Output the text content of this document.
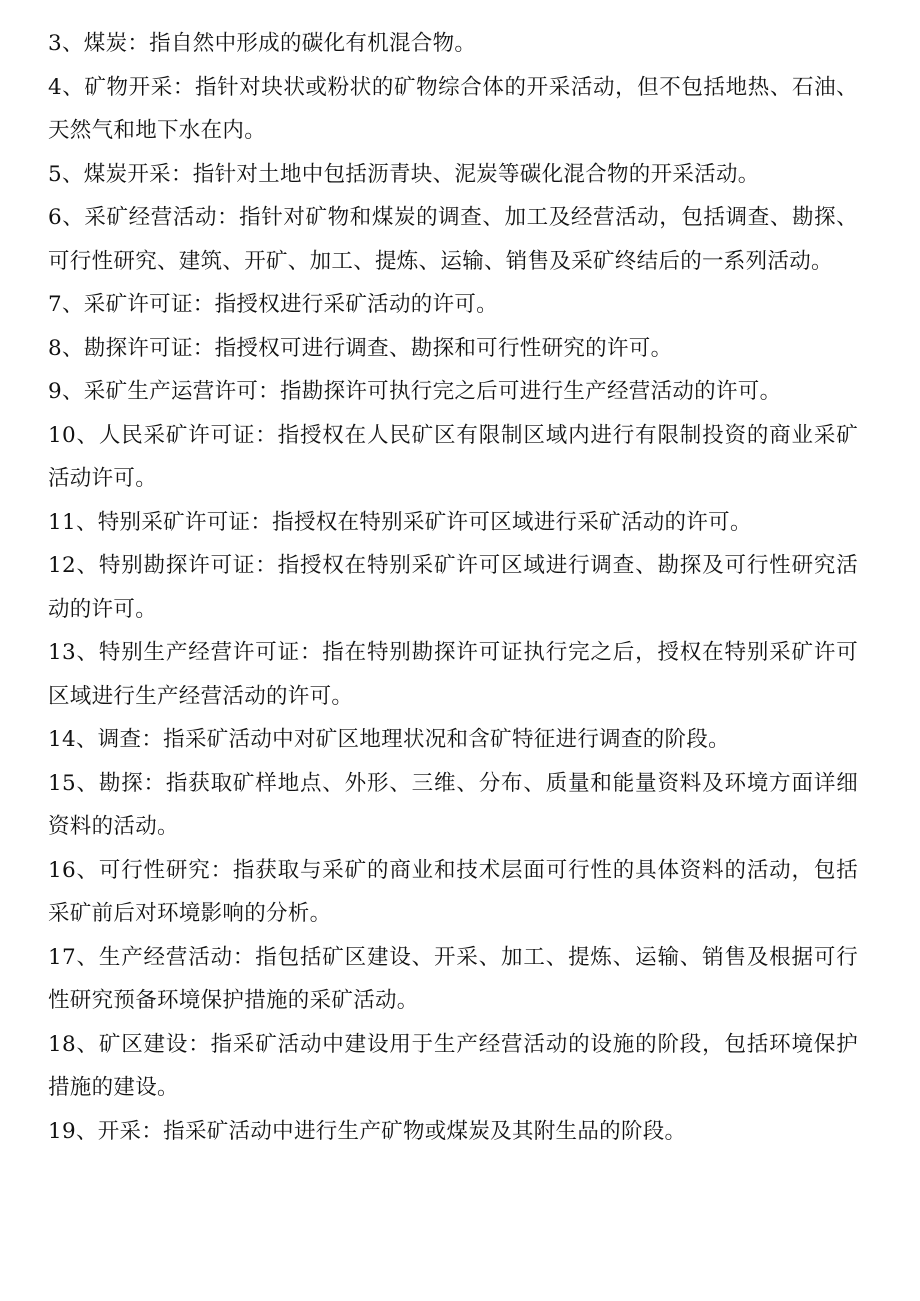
3、煤炭：指自然中形成的碳化有机混合物。

4、矿物开采：指针对块状或粉状的矿物综合体的开采活动，但不包括地热、石油、天然气和地下水在内。

5、煤炭开采：指针对土地中包括沥青块、泥炭等碳化混合物的开采活动。

6、采矿经营活动：指针对矿物和煤炭的调查、加工及经营活动，包括调查、勘探、可行性研究、建筑、开矿、加工、提炼、运输、销售及采矿终结后的一系列活动。

7、采矿许可证：指授权进行采矿活动的许可。

8、勘探许可证：指授权可进行调查、勘探和可行性研究的许可。

9、采矿生产运营许可：指勘探许可执行完之后可进行生产经营活动的许可。

10、人民采矿许可证：指授权在人民矿区有限制区域内进行有限制投资的商业采矿活动许可。

11、特别采矿许可证：指授权在特别采矿许可区域进行采矿活动的许可。

12、特别勘探许可证：指授权在特别采矿许可区域进行调查、勘探及可行性研究活动的许可。

13、特别生产经营许可证：指在特别勘探许可证执行完之后，授权在特别采矿许可区域进行生产经营活动的许可。

14、调查：指采矿活动中对矿区地理状况和含矿特征进行调查的阶段。

15、勘探：指获取矿样地点、外形、三维、分布、质量和能量资料及环境方面详细资料的活动。

16、可行性研究：指获取与采矿的商业和技术层面可行性的具体资料的活动，包括采矿前后对环境影响的分析。

17、生产经营活动：指包括矿区建设、开采、加工、提炼、运输、销售及根据可行性研究预备环境保护措施的采矿活动。

18、矿区建设：指采矿活动中建设用于生产经营活动的设施的阶段，包括环境保护措施的建设。

19、开采：指采矿活动中进行生产矿物或煤炭及其附生品的阶段。
